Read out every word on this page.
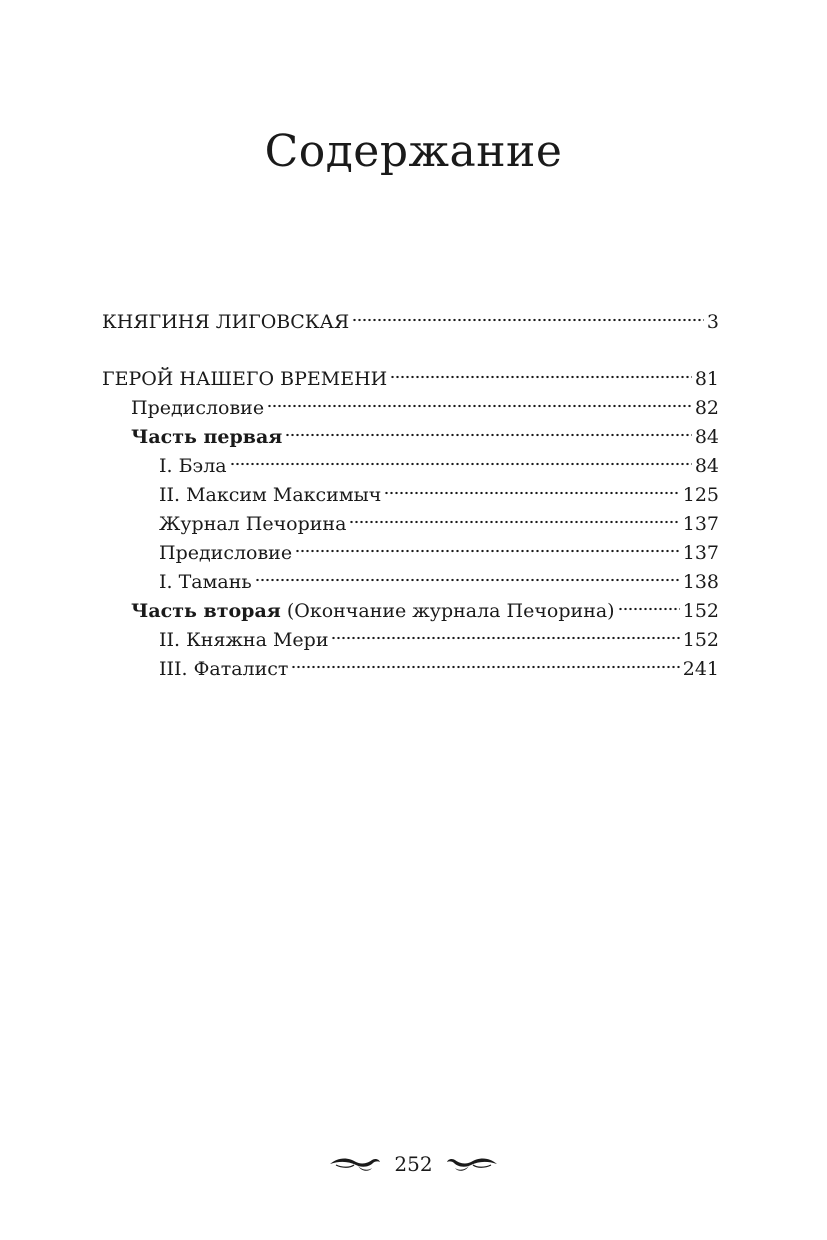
Содержание
КНЯГИНЯ ЛИГОВСКАЯ	3
ГЕРОЙ НАШЕГО ВРЕМЕНИ	81
Предисловие	82
Часть первая	84
I. Бэла	84
II. Максим Максимыч	125
Журнал Печорина	137
Предисловие	137
I. Тамань	138
Часть вторая (Окончание журнала Печорина)	152
II. Княжна Мери	152
III. Фаталист	241
252
